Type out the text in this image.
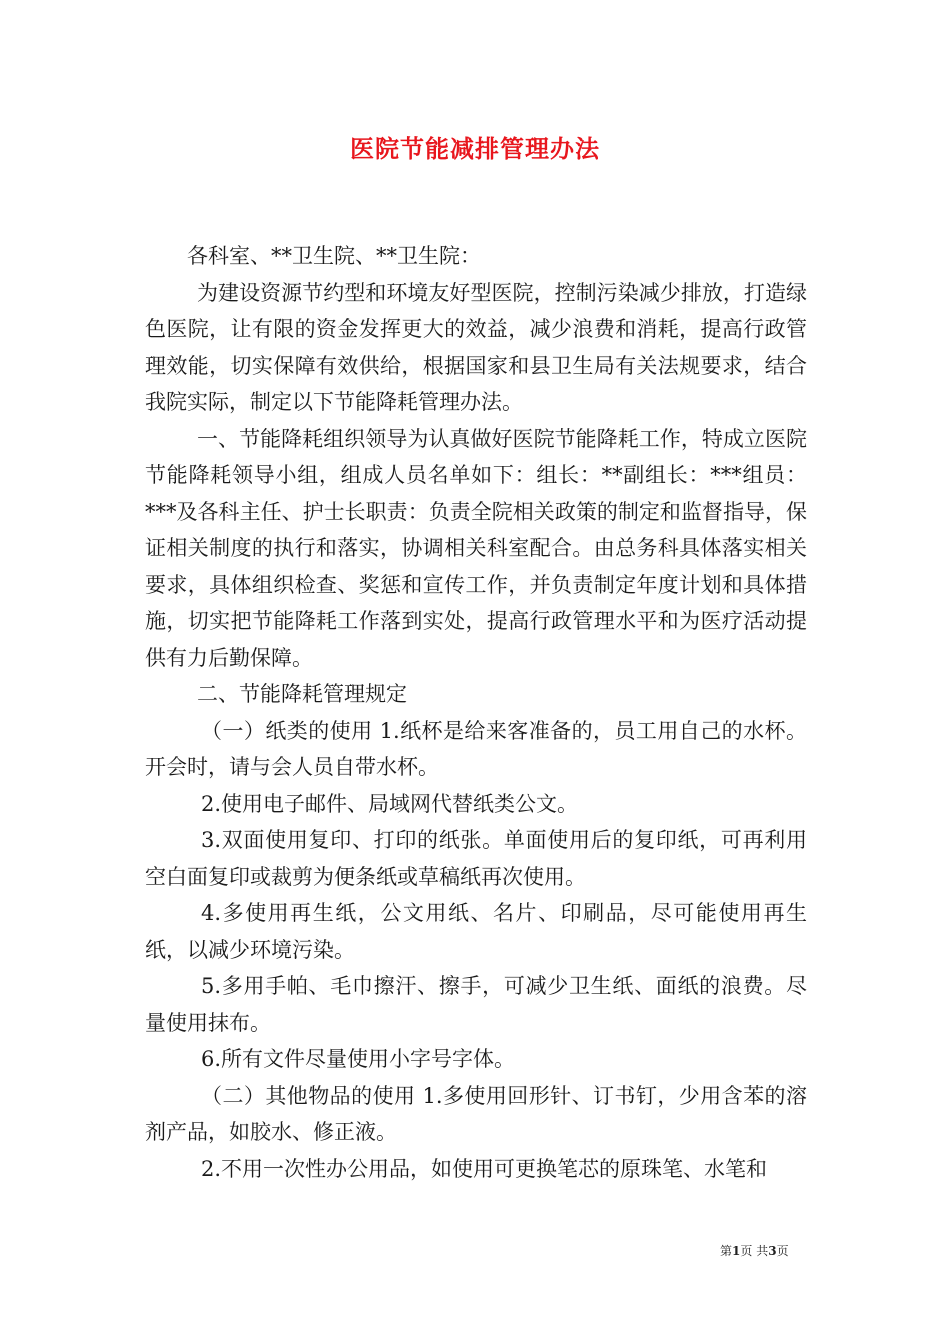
医院节能减排管理办法

各科室、**卫生院、**卫生院：

为建设资源节约型和环境友好型医院，控制污染减少排放，打造绿色医院，让有限的资金发挥更大的效益，减少浪费和消耗，提高行政管理效能，切实保障有效供给，根据国家和县卫生局有关法规要求，结合我院实际，制定以下节能降耗管理办法。

一、节能降耗组织领导为认真做好医院节能降耗工作，特成立医院节能降耗领导小组，组成人员名单如下：组长：**副组长：***组员：***及各科主任、护士长职责：负责全院相关政策的制定和监督指导，保证相关制度的执行和落实，协调相关科室配合。由总务科具体落实相关要求，具体组织检查、奖惩和宣传工作，并负责制定年度计划和具体措施，切实把节能降耗工作落到实处，提高行政管理水平和为医疗活动提供有力后勤保障。

二、节能降耗管理规定

（一）纸类的使用 1.纸杯是给来客准备的，员工用自己的水杯。开会时，请与会人员自带水杯。

2.使用电子邮件、局域网代替纸类公文。

3.双面使用复印、打印的纸张。单面使用后的复印纸，可再利用空白面复印或裁剪为便条纸或草稿纸再次使用。

4.多使用再生纸，公文用纸、名片、印刷品，尽可能使用再生纸，以减少环境污染。

5.多用手帕、毛巾擦汗、擦手，可减少卫生纸、面纸的浪费。尽量使用抹布。

6.所有文件尽量使用小字号字体。

（二）其他物品的使用 1.多使用回形针、订书钉，少用含苯的溶剂产品，如胶水、修正液。

2.不用一次性办公用品，如使用可更换笔芯的原珠笔、水笔和

第1页 共3页
